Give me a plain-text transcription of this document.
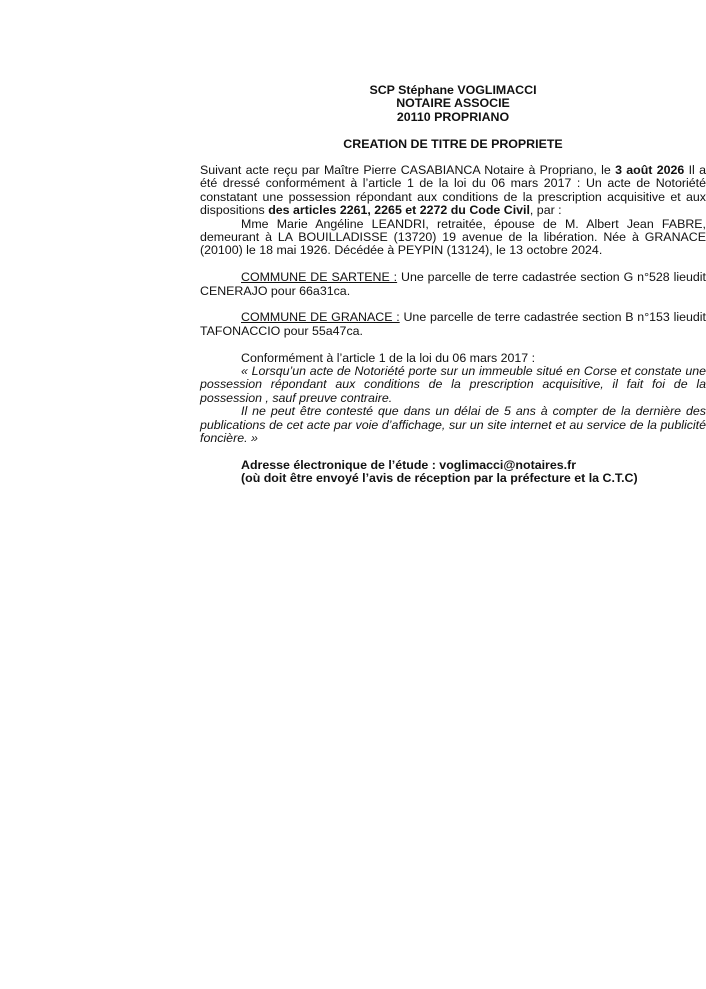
SCP Stéphane VOGLIMACCI
NOTAIRE ASSOCIE
20110 PROPRIANO
CREATION DE TITRE DE PROPRIETE

Suivant acte reçu par Maître Pierre CASABIANCA Notaire à Propriano, le 3 août 2026 Il a été dressé conformément à l’article 1 de la loi du 06 mars 2017 : Un acte de Notoriété constatant une possession répondant aux conditions de la prescription acquisitive et aux dispositions des articles 2261, 2265 et 2272 du Code Civil, par :

Mme Marie Angéline LEANDRI, retraitée, épouse de M. Albert Jean FABRE, demeurant à LA BOUILLADISSE (13720) 19 avenue de la libération. Née à GRANACE (20100) le 18 mai 1926. Décédée à PEYPIN (13124), le 13 octobre 2024.

COMMUNE DE SARTENE : Une parcelle de terre cadastrée section G n°528 lieudit CENERAJO pour 66a31ca.

COMMUNE DE GRANACE : Une parcelle de terre cadastrée section B n°153 lieudit TAFONACCIO pour 55a47ca.

Conformément à l’article 1 de la loi du 06 mars 2017 :

« Lorsqu’un acte de Notoriété porte sur un immeuble situé en Corse et constate une possession répondant aux conditions de la prescription acquisitive, il fait foi de la possession , sauf preuve contraire.

Il ne peut être contesté que dans un délai de 5 ans à compter de la dernière des publications de cet acte par voie d’affichage, sur un site internet et au service de la publicité foncière. »

Adresse électronique de l’étude : voglimacci@notaires.fr
(où doit être envoyé l’avis de réception par la préfecture et la C.T.C)
